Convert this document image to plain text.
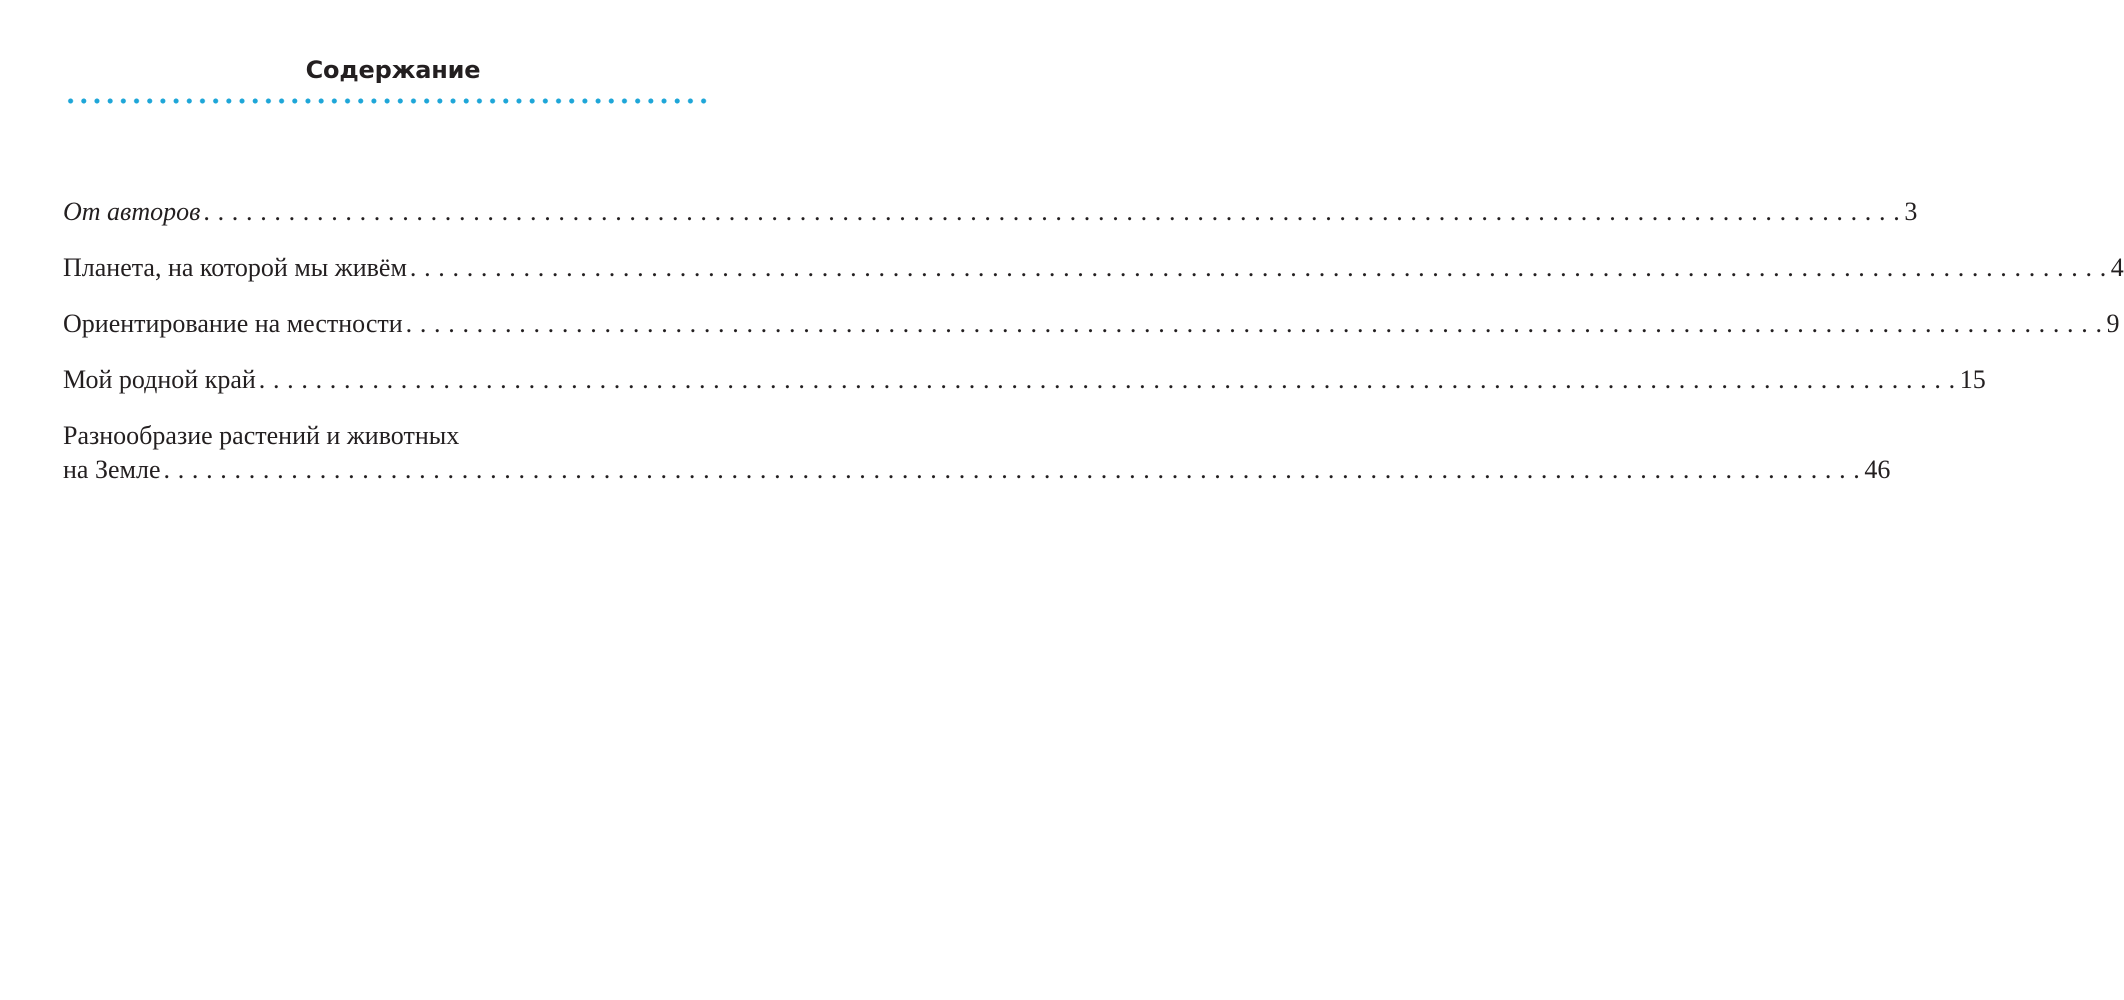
Содержание
От авторов . . . . . . . . . . . . . . . . . . . . . . . . . . . . . . . . . . . . . . . . . . . . . . . . . . . . . . . . . . . . . . . . . . . . . . . . . . . . . . . . . . . . . . . . . . . . . . . . . . . . . . . . . . . . . . . . . . . . . . . . 3
Планета, на которой мы живём . . . . . . . . . . . . . . . . . . . . . . . . . . . . . . . . . . . . . . . . . . . . . . . . . . . . . . . . . . . . . . . . . . . . . . . . . . . . . . . . . . . . . . . . . . . . . . . . . . . . . . . . . . . . . . . . . . . . . . . . 4
Ориентирование на местности . . . . . . . . . . . . . . . . . . . . . . . . . . . . . . . . . . . . . . . . . . . . . . . . . . . . . . . . . . . . . . . . . . . . . . . . . . . . . . . . . . . . . . . . . . . . . . . . . . . . . . . . . . . . . . . . . . . . . . . . 9
Мой родной край . . . . . . . . . . . . . . . . . . . . . . . . . . . . . . . . . . . . . . . . . . . . . . . . . . . . . . . . . . . . . . . . . . . . . . . . . . . . . . . . . . . . . . . . . . . . . . . . . . . . . . . . . . . . . . . . . . . . . . . . 15
Разнообразие растений и животных
на Земле . . . . . . . . . . . . . . . . . . . . . . . . . . . . . . . . . . . . . . . . . . . . . . . . . . . . . . . . . . . . . . . . . . . . . . . . . . . . . . . . . . . . . . . . . . . . . . . . . . . . . . . . . . . . . . . . . . . . . . . . 46
